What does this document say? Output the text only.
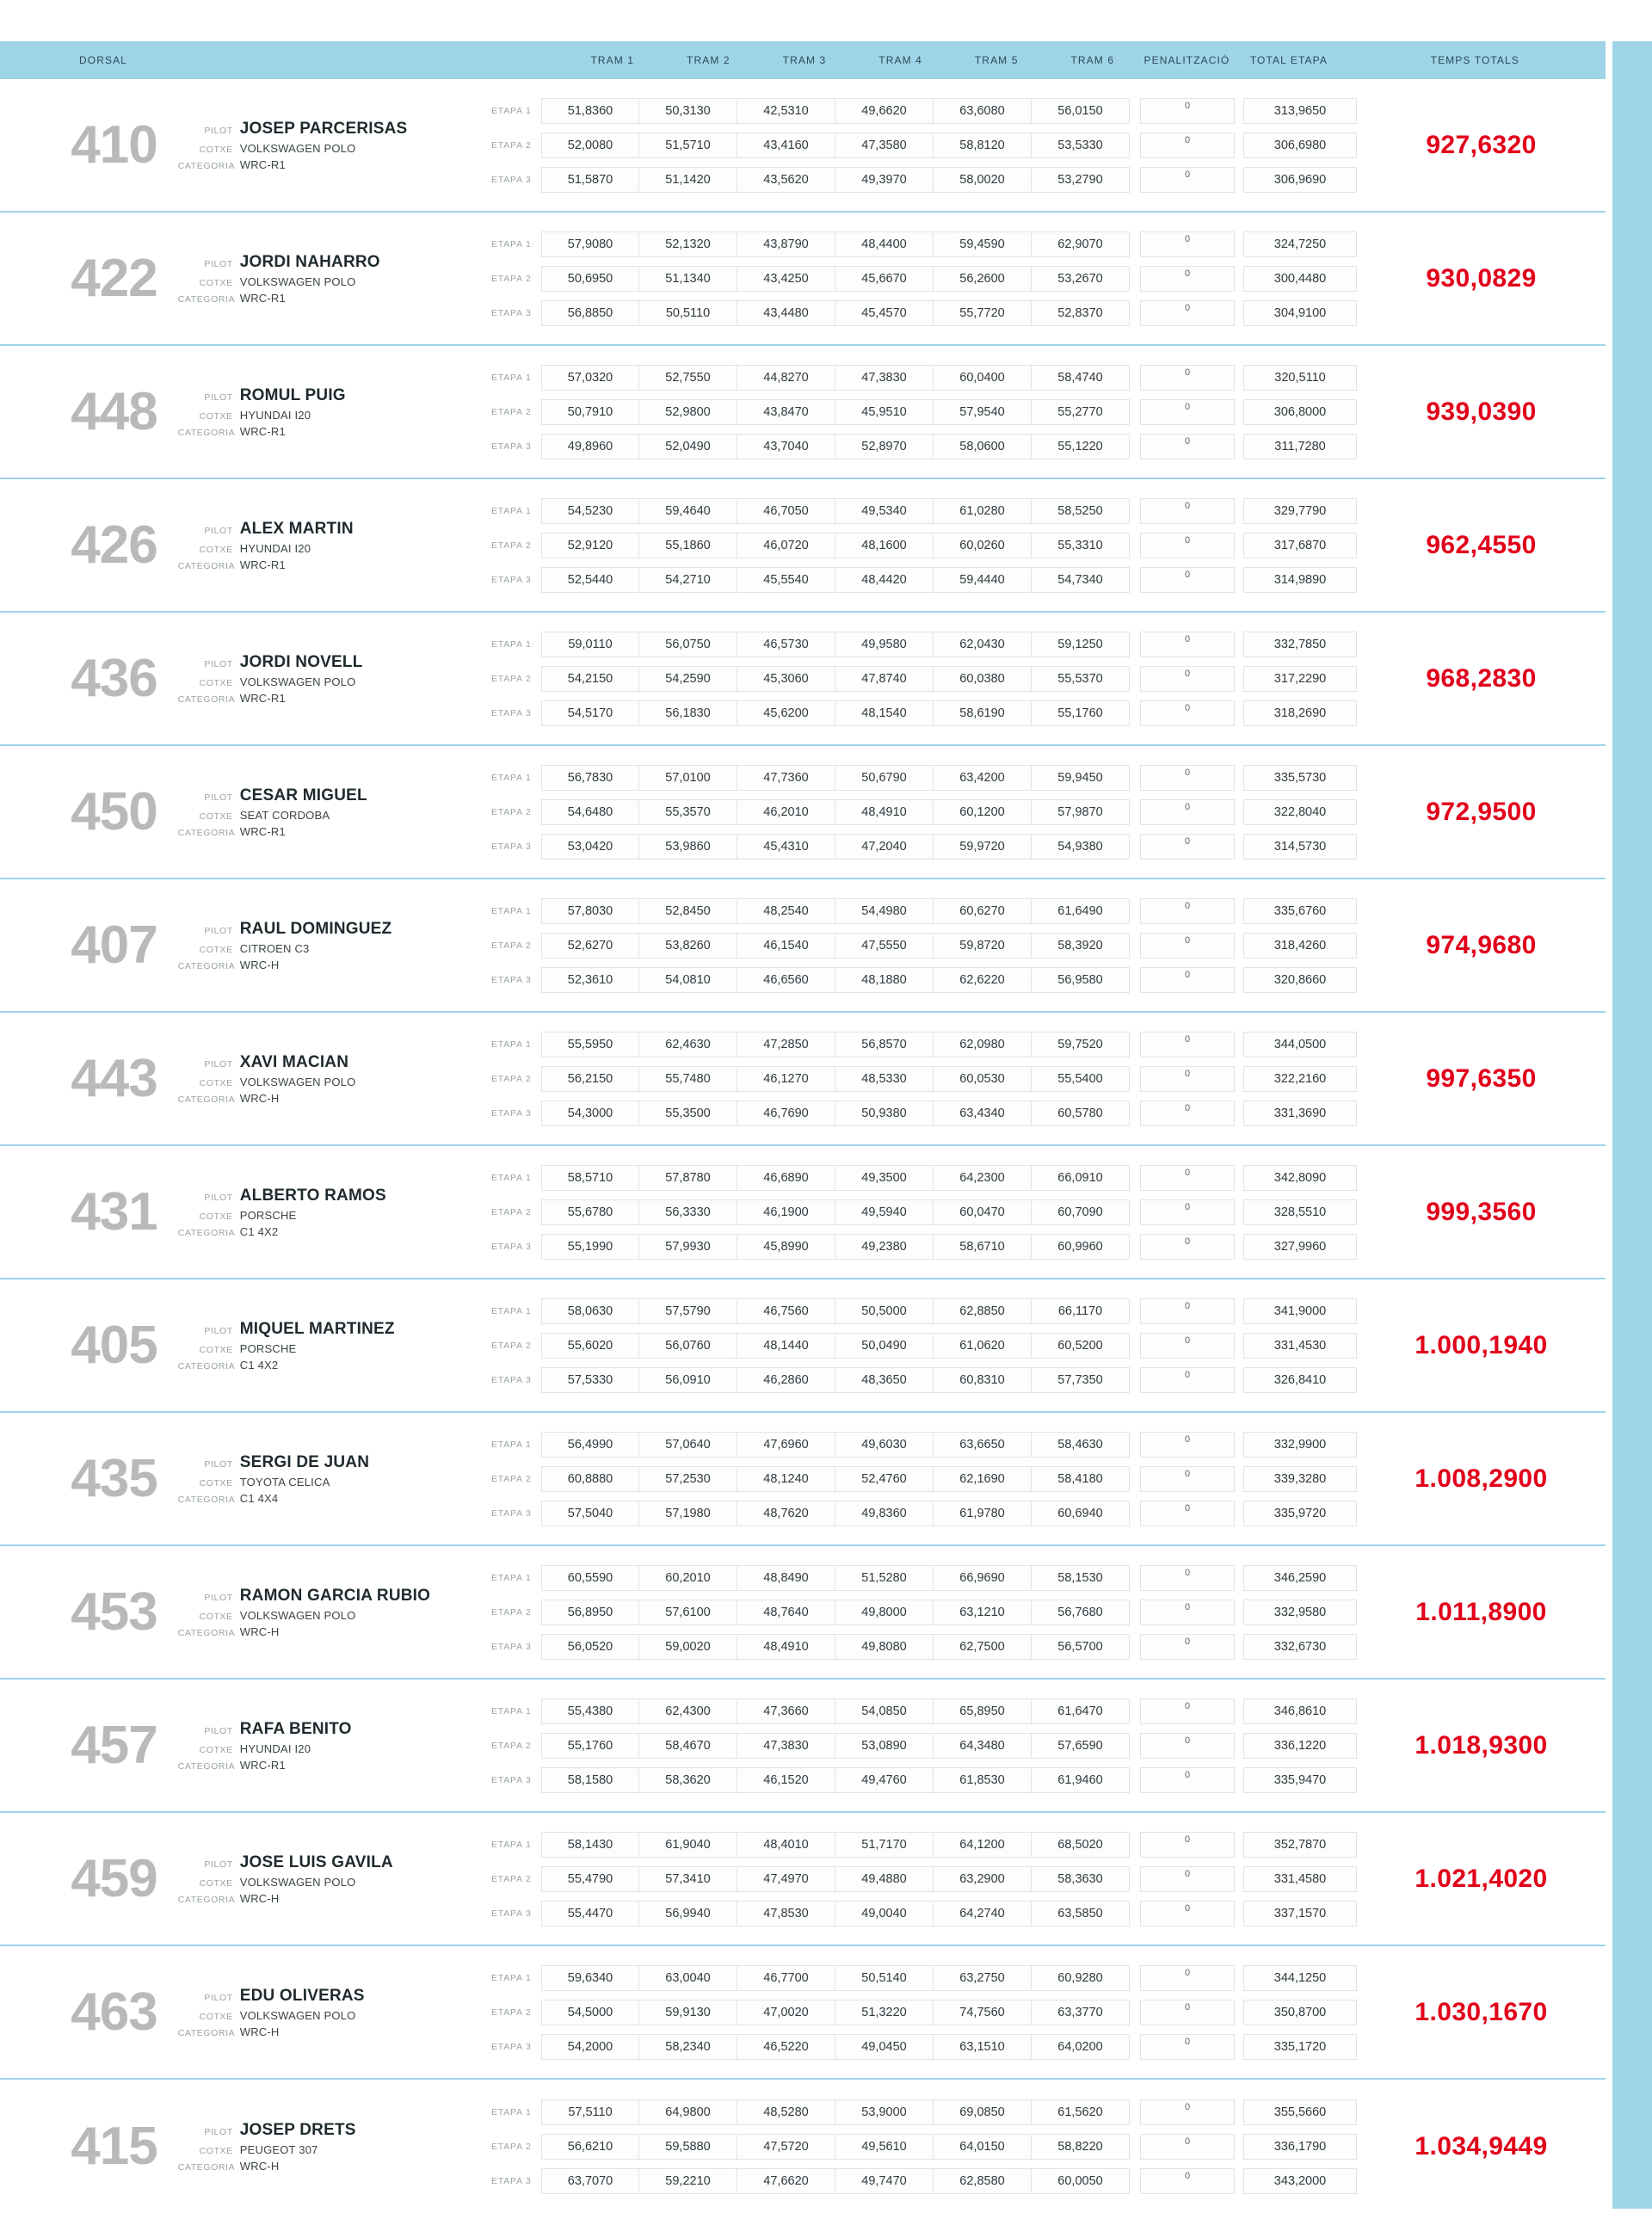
DORSAL	TRAM 1	TRAM 2	TRAM 3	TRAM 4	TRAM 5	TRAM 6	PENALITZACIÓ	TOTAL ETAPA	TEMPS TOTALS
410	PILOT JOSEP PARCERISAS
COTXE VOLKSWAGEN POLO
CATEGORIA WRC-R1
ETAPA 1	51,8360	50,3130	42,5310	49,6620	63,6080	56,0150	0	313,9650
ETAPA 2	52,0080	51,5710	43,4160	47,3580	58,8120	53,5330	0	306,6980
ETAPA 3	51,5870	51,1420	43,5620	49,3970	58,0020	53,2790	0	306,9690
927,6320
422	PILOT JORDI NAHARRO
COTXE VOLKSWAGEN POLO
CATEGORIA WRC-R1
ETAPA 1	57,9080	52,1320	43,8790	48,4400	59,4590	62,9070	0	324,7250
ETAPA 2	50,6950	51,1340	43,4250	45,6670	56,2600	53,2670	0	300,4480
ETAPA 3	56,8850	50,5110	43,4480	45,4570	55,7720	52,8370	0	304,9100
930,0829
448	PILOT ROMUL PUIG
COTXE HYUNDAI I20
CATEGORIA WRC-R1
ETAPA 1	57,0320	52,7550	44,8270	47,3830	60,0400	58,4740	0	320,5110
ETAPA 2	50,7910	52,9800	43,8470	45,9510	57,9540	55,2770	0	306,8000
ETAPA 3	49,8960	52,0490	43,7040	52,8970	58,0600	55,1220	0	311,7280
939,0390
426	PILOT ALEX MARTIN
COTXE HYUNDAI I20
CATEGORIA WRC-R1
ETAPA 1	54,5230	59,4640	46,7050	49,5340	61,0280	58,5250	0	329,7790
ETAPA 2	52,9120	55,1860	46,0720	48,1600	60,0260	55,3310	0	317,6870
ETAPA 3	52,5440	54,2710	45,5540	48,4420	59,4440	54,7340	0	314,9890
962,4550
436	PILOT JORDI NOVELL
COTXE VOLKSWAGEN POLO
CATEGORIA WRC-R1
ETAPA 1	59,0110	56,0750	46,5730	49,9580	62,0430	59,1250	0	332,7850
ETAPA 2	54,2150	54,2590	45,3060	47,8740	60,0380	55,5370	0	317,2290
ETAPA 3	54,5170	56,1830	45,6200	48,1540	58,6190	55,1760	0	318,2690
968,2830
450	PILOT CESAR MIGUEL
COTXE SEAT CORDOBA
CATEGORIA WRC-R1
ETAPA 1	56,7830	57,0100	47,7360	50,6790	63,4200	59,9450	0	335,5730
ETAPA 2	54,6480	55,3570	46,2010	48,4910	60,1200	57,9870	0	322,8040
ETAPA 3	53,0420	53,9860	45,4310	47,2040	59,9720	54,9380	0	314,5730
972,9500
407	PILOT RAUL DOMINGUEZ
COTXE CITROEN C3
CATEGORIA WRC-H
ETAPA 1	57,8030	52,8450	48,2540	54,4980	60,6270	61,6490	0	335,6760
ETAPA 2	52,6270	53,8260	46,1540	47,5550	59,8720	58,3920	0	318,4260
ETAPA 3	52,3610	54,0810	46,6560	48,1880	62,6220	56,9580	0	320,8660
974,9680
443	PILOT XAVI MACIAN
COTXE VOLKSWAGEN POLO
CATEGORIA WRC-H
ETAPA 1	55,5950	62,4630	47,2850	56,8570	62,0980	59,7520	0	344,0500
ETAPA 2	56,2150	55,7480	46,1270	48,5330	60,0530	55,5400	0	322,2160
ETAPA 3	54,3000	55,3500	46,7690	50,9380	63,4340	60,5780	0	331,3690
997,6350
431	PILOT ALBERTO RAMOS
COTXE PORSCHE
CATEGORIA C1 4X2
ETAPA 1	58,5710	57,8780	46,6890	49,3500	64,2300	66,0910	0	342,8090
ETAPA 2	55,6780	56,3330	46,1900	49,5940	60,0470	60,7090	0	328,5510
ETAPA 3	55,1990	57,9930	45,8990	49,2380	58,6710	60,9960	0	327,9960
999,3560
405	PILOT MIQUEL MARTINEZ
COTXE PORSCHE
CATEGORIA C1 4X2
ETAPA 1	58,0630	57,5790	46,7560	50,5000	62,8850	66,1170	0	341,9000
ETAPA 2	55,6020	56,0760	48,1440	50,0490	61,0620	60,5200	0	331,4530
ETAPA 3	57,5330	56,0910	46,2860	48,3650	60,8310	57,7350	0	326,8410
1.000,1940
435	PILOT SERGI DE JUAN
COTXE TOYOTA CELICA
CATEGORIA C1 4X4
ETAPA 1	56,4990	57,0640	47,6960	49,6030	63,6650	58,4630	0	332,9900
ETAPA 2	60,8880	57,2530	48,1240	52,4760	62,1690	58,4180	0	339,3280
ETAPA 3	57,5040	57,1980	48,7620	49,8360	61,9780	60,6940	0	335,9720
1.008,2900
453	PILOT RAMON GARCIA RUBIO
COTXE VOLKSWAGEN POLO
CATEGORIA WRC-H
ETAPA 1	60,5590	60,2010	48,8490	51,5280	66,9690	58,1530	0	346,2590
ETAPA 2	56,8950	57,6100	48,7640	49,8000	63,1210	56,7680	0	332,9580
ETAPA 3	56,0520	59,0020	48,4910	49,8080	62,7500	56,5700	0	332,6730
1.011,8900
457	PILOT RAFA BENITO
COTXE HYUNDAI I20
CATEGORIA WRC-R1
ETAPA 1	55,4380	62,4300	47,3660	54,0850	65,8950	61,6470	0	346,8610
ETAPA 2	55,1760	58,4670	47,3830	53,0890	64,3480	57,6590	0	336,1220
ETAPA 3	58,1580	58,3620	46,1520	49,4760	61,8530	61,9460	0	335,9470
1.018,9300
459	PILOT JOSE LUIS GAVILA
COTXE VOLKSWAGEN POLO
CATEGORIA WRC-H
ETAPA 1	58,1430	61,9040	48,4010	51,7170	64,1200	68,5020	0	352,7870
ETAPA 2	55,4790	57,3410	47,4970	49,4880	63,2900	58,3630	0	331,4580
ETAPA 3	55,4470	56,9940	47,8530	49,0040	64,2740	63,5850	0	337,1570
1.021,4020
463	PILOT EDU OLIVERAS
COTXE VOLKSWAGEN POLO
CATEGORIA WRC-H
ETAPA 1	59,6340	63,0040	46,7700	50,5140	63,2750	60,9280	0	344,1250
ETAPA 2	54,5000	59,9130	47,0020	51,3220	74,7560	63,3770	0	350,8700
ETAPA 3	54,2000	58,2340	46,5220	49,0450	63,1510	64,0200	0	335,1720
1.030,1670
415	PILOT JOSEP DRETS
COTXE PEUGEOT 307
CATEGORIA WRC-H
ETAPA 1	57,5110	64,9800	48,5280	53,9000	69,0850	61,5620	0	355,5660
ETAPA 2	56,6210	59,5880	47,5720	49,5610	64,0150	58,8220	0	336,1790
ETAPA 3	63,7070	59,2210	47,6620	49,7470	62,8580	60,0050	0	343,2000
1.034,9449
